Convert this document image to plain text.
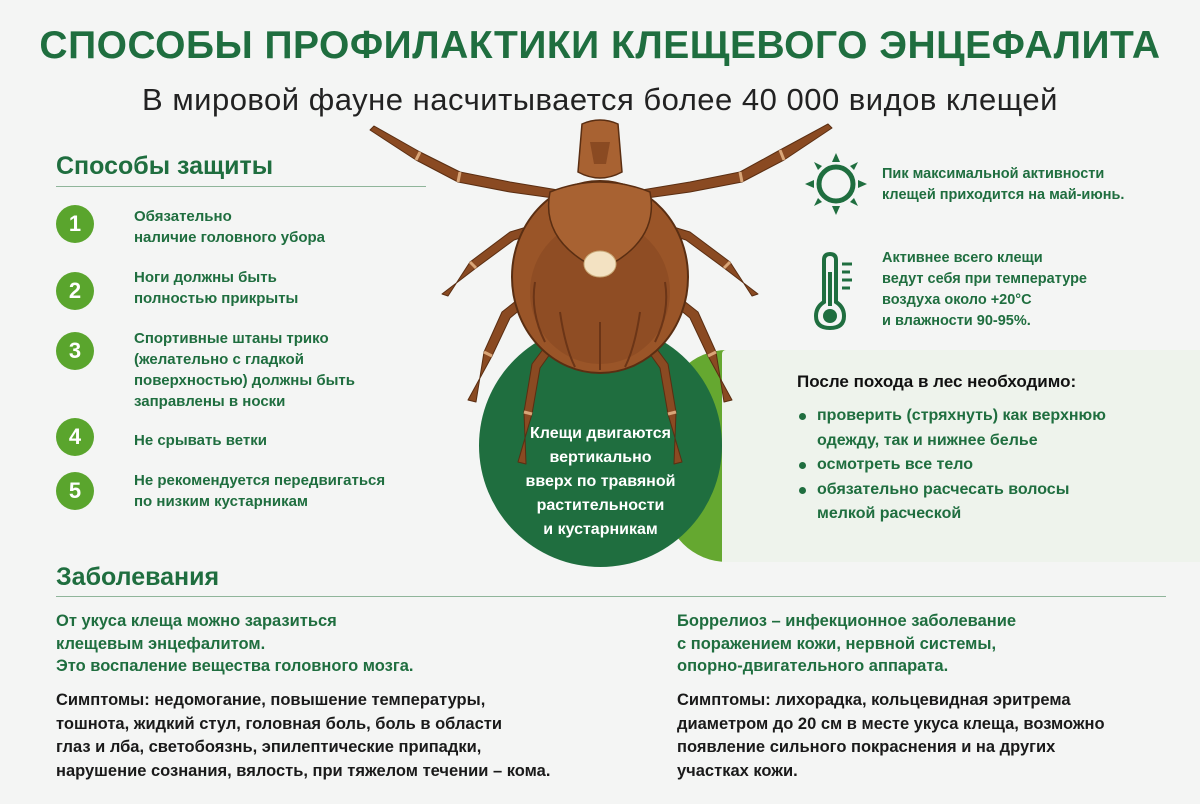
СПОСОБЫ ПРОФИЛАКТИКИ КЛЕЩЕВОГО ЭНЦЕФАЛИТА
В мировой фауне насчитывается более 40 000 видов клещей
Способы защиты
1	Обязательно
наличие головного убора
2
Ноги должны быть
полностью прикрыты
3	Спортивные штаны трико
(желательно с гладкой
поверхностью) должны быть
заправлены в носки
4	Не срывать ветки
5	Не рекомендуется передвигаться
по низким кустарникам
После похода в лес необходимо:
проверить (стряхнуть) как верхнюю
одежду, так и нижнее белье
осмотреть все тело
обязательно расчесать волосы
мелкой расческой
Клещи двигаются
вертикально
вверх по травяной
растительности
и кустарникам
Пик максимальной активности
клещей приходится на май-июнь.
Активнее всего клещи
ведут себя при температуре
воздуха около +20°С
и влажности 90-95%.
Заболевания
От укуса клеща можно заразиться
клещевым энцефалитом.
Это воспаление вещества головного мозга.
Симптомы: недомогание, повышение температуры,
тошнота, жидкий стул, головная боль, боль в области
глаз и лба, светобоязнь, эпилептические припадки,
нарушение сознания, вялость, при тяжелом течении – кома.
Боррелиоз – инфекционное заболевание
с поражением кожи, нервной системы,
опорно-двигательного аппарата.
Симптомы: лихорадка, кольцевидная эритрема
диаметром до 20 см в месте укуса клеща, возможно
появление сильного покраснения и на других
участках кожи.
